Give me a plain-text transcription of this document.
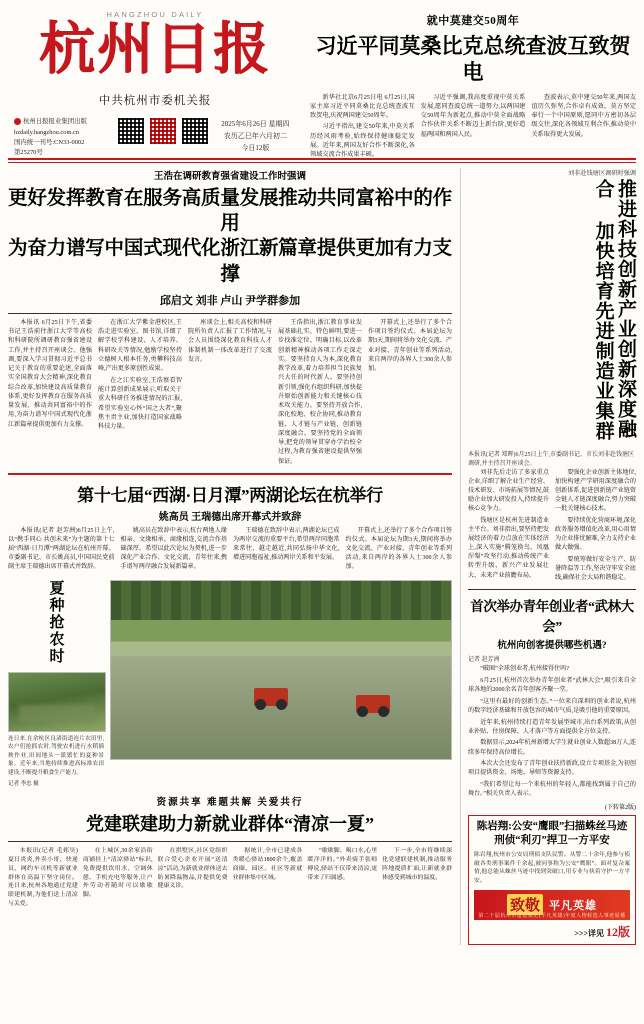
HANGZHOU DAILY
杭州日报
中共杭州市委机关报
杭州日报报业集团出版
hzdaily.hangzhou.com.cn
国内统一刊号:CN33-0002
第25270号
2025年6月26日 星期四
农历乙巳年六月初二
今日12版
就中莫建交50周年
习近平同莫桑比克总统查波互致贺电

新华社北京6月25日电 6月25日,国家主席习近平同莫桑比克总统查波互致贺电,庆祝两国建交50周年。

习近平指出,建交50年来,中莫关系历经风雨考验,始终保持健康稳定发展。近年来,两国友好合作不断深化,各领域交流合作成果丰硕。

习近平强调,我高度重视中莫关系发展,愿同查波总统一道努力,以两国建交50周年为新起点,推动中莫全面战略合作伙伴关系不断迈上新台阶,更好造福两国和两国人民。

查波表示,莫中建交50年来,两国友谊历久弥坚,合作卓有成效。莫方坚定奉行一个中国原则,愿同中方密切各层级交往,深化各领域互利合作,推动莫中关系取得更大发展。

王浩在调研教育强省建设工作时强调
更好发挥教育在服务高质量发展推动共同富裕中的作用
为奋力谱写中国式现代化浙江新篇章提供更加有力支撑
邱启文 刘非 卢山 尹学群参加

本报讯 6月25日下午,省委书记王浩前往浙江大学等高校和科研院所调研教育强省建设工作,并主持召开座谈会。他强调,要深入学习贯彻习近平总书记关于教育的重要论述,全面落实全国教育大会精神,深化教育综合改革,加快建设高质量教育体系,更好发挥教育在服务高质量发展、推动共同富裕中的作用,为奋力谱写中国式现代化浙江新篇章提供更加有力支撑。

在浙江大学紫金港校区,王浩走进实验室、图书馆,详细了解学校学科建设、人才培养、科研攻关等情况,勉励学校坚持立德树人根本任务,勇攀科技高峰,产出更多原创性成果。

在之江实验室,王浩察看智能计算创新成果展示,听取关于重大科研任务推进情况的汇报,希望实验室心怀“国之大者”,聚焦主责主业,加快打造国家战略科技力量。

座谈会上,相关高校和科研院所负责人汇报了工作情况,与会人员围绕深化教育科技人才体制机制一体改革进行了交流发言。

王浩指出,浙江教育事业发展基础扎实、特色鲜明,要进一步找准定位、明确目标,以改革创新精神推动各项工作走深走实。要坚持育人为本,深化教育教学改革,着力培养担当民族复兴大任的时代新人。要坚持创新引领,强化有组织科研,加快提升原始创新能力和关键核心技术攻关能力。要坚持开放合作,深化校地、校企协同,推动教育链、人才链与产业链、创新链深度融合。要坚持党的全面领导,把党的领导贯穿办学治校全过程,为教育强省建设提供坚强保证。

开幕式上,还举行了多个合作项目签约仪式。本届论坛为期3天,期间将举办文化交流、产业对接、青年创业等系列活动,来自两岸的各界人士300余人参加。

第十七届“西湖·日月潭”两湖论坛在杭举行
姚高员 王瑞德出席开幕式并致辞

本报讯(记者 赵芳洲)6月25日上午,以“携手同心 共创未来”为主题的第十七届“西湖·日月潭”两湖论坛在杭州开幕。市委副书记、市长姚高员,中国国民党前副主席王瑞德出席开幕式并致辞。

姚高员在致辞中表示,杭台两地人缘相亲、文缘相承、商缘相连,交流合作基础深厚。希望以此次论坛为契机,进一步深化产业合作、文化交流、青年往来,携手谱写两岸融合发展新篇章。

王瑞德在致辞中表示,两湖论坛已成为两岸交流的重要平台,希望两岸同胞常来常往、越走越近,共同弘扬中华文化,增进同胞福祉,推动两岸关系和平发展。

开幕式上,还举行了多个合作项目签约仪式。本届论坛为期3天,期间将举办文化交流、产业对接、青年创业等系列活动,来自两岸的各界人士300余人参加。

夏种抢农时
连日来,在余杭区良渚街道连片农田里,农户们抢抓农时,驾驶农机进行水稻插秧作业,田间地头一派繁忙的夏种景象。近年来,当地持续推进高标准农田建设,不断提升粮食生产能力。
记者 李忠 摄
资源共享 难题共解 关爱共行
党建联建助力新就业群体“清凉一夏”

本报讯(记者 毛郅昊)夏日炎炎,外卖小哥、快递员、网约车司机等新就业群体在高温下坚守岗位。连日来,杭州各地通过党建联建机制,为他们送上清凉与关爱。

在上城区,30余家沿街商铺挂上“清凉驿站”标识,免费提供饮用水、空调休憩、手机充电等服务,让户外劳动者随时可以歇歇脚。

在拱墅区,社区党组织联合爱心企业开展“送清凉”活动,为新就业群体送去防暑降温物品,并提供免费健康义诊。

据统计,全市已建成各类暖心驿站1800余个,覆盖商圈、园区、社区等新就业群体集中区域。

“歇歇脚、喝口水,心里暖洋洋的。”外卖骑手张师傅说,驿站不仅带来清凉,更带来了归属感。

下一步,全市将继续深化党建联建机制,推动服务阵地提质扩面,让新就业群体感受到城市的温度。

刘非赴钱塘区调研时强调
推进科技创新产业创新深度融合 加快培育先进制造业集群
本报讯(记者 郑晖)6月25日上午,市委副书记、市长刘非赴钱塘区调研,并主持召开座谈会。

刘非先后走访了多家重点企业,详细了解企业生产经营、技术研发、市场拓展等情况,鼓励企业加大研发投入,持续提升核心竞争力。

钱塘区是杭州先进制造业主平台。刘非指出,要坚持把发展经济的着力点放在实体经济上,深入实施“腾笼换鸟、凤凰涅槃”攻坚行动,推动传统产业转型升级、新兴产业发展壮大、未来产业前瞻布局。

要强化企业创新主体地位,加快构建产学研用深度融合的创新体系,促进创新链产业链资金链人才链深度融合,努力突破一批关键核心技术。

要持续优化营商环境,深化政务服务增值化改革,用心用情为企业排忧解难,全力支持企业做大做强。

要统筹做好安全生产、防暑降温等工作,坚决守牢安全底线,确保社会大局和谐稳定。

首次举办青年创业者“武林大会”
杭州向创客提供哪些机遇?
记者 赵芳洲

“破圈”全球创业者,杭州接得住吗?

6月25日,杭州首次举办青年创业者“武林大会”,吸引来自全球各地的2000余名青年创客齐聚一堂。

“这里有最好的创新生态。”一位来自深圳的创业者说,杭州的数字经济基础和开放包容的城市气质,是吸引他的重要原因。

近年来,杭州持续打造青年发展型城市,出台系列政策,从创业补贴、住房保障、人才落户等方面提供全方位支持。

数据显示,2024年杭州新增大学生就业创业人数超38万人,连续多年保持高位增长。

本次大会还发布了青年创业扶持新政,设立专项基金,为初创项目提供资金、场地、导师等资源支持。

“我们希望让每一个来杭州的年轻人,都能找到属于自己的舞台。”相关负责人表示。

(下转第2版)
陈岩翔:公安“鹰眼”扫描蛛丝马迹
刑侦“利刃”捍卫一方平安
陈岩翔,杭州市公安局刑侦支队民警。从警二十余年,他参与侦破各类刑事案件千余起,被同事称为公安“鹰眼”。面对复杂案情,他总能从蛛丝马迹中找到突破口,用专业与执着守护一方平安。
致敬 平凡英雄
第二十届杭州市道德模范(平凡英雄)年度人物候选人事迹展播
>>>详见 12版
